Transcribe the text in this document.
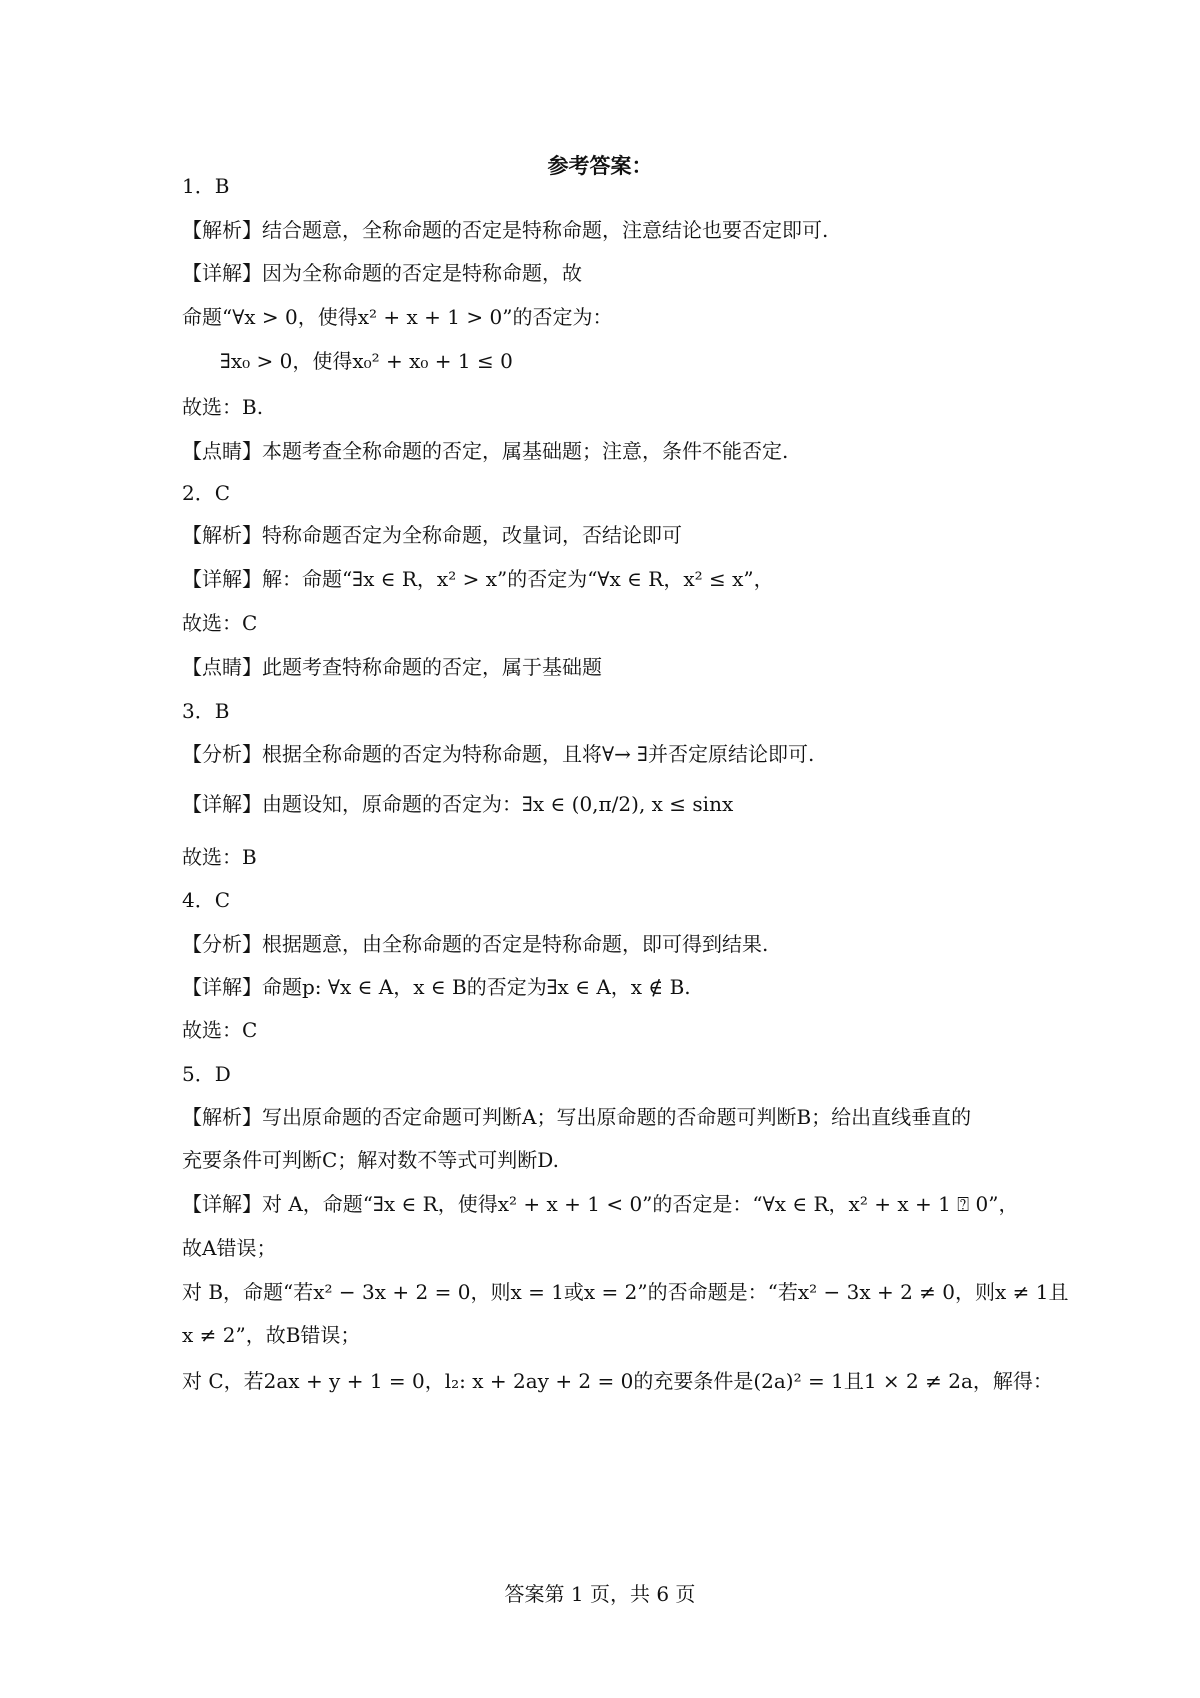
参考答案：
1．B
【解析】结合题意，全称命题的否定是特称命题，注意结论也要否定即可.
【详解】因为全称命题的否定是特称命题，故
命题“∀x > 0，使得x² + x + 1 > 0”的否定为：
∃x₀ > 0，使得x₀² + x₀ + 1 ≤ 0
故选：B.
【点睛】本题考查全称命题的否定，属基础题；注意，条件不能否定.
2．C
【解析】特称命题否定为全称命题，改量词，否结论即可
【详解】解：命题“∃x ∈ R，x² > x”的否定为“∀x ∈ R，x² ≤ x”，
故选：C
【点睛】此题考查特称命题的否定，属于基础题
3．B
【分析】根据全称命题的否定为特称命题，且将∀→ ∃并否定原结论即可.
【详解】由题设知，原命题的否定为：∃x ∈ (0,π/2), x ≤ sinx
故选：B
4．C
【分析】根据题意，由全称命题的否定是特称命题，即可得到结果.
【详解】命题p: ∀x ∈ A，x ∈ B的否定为∃x ∈ A，x ∉ B.
故选：C
5．D
【解析】写出原命题的否定命题可判断A；写出原命题的否命题可判断B；给出直线垂直的
充要条件可判断C；解对数不等式可判断D.
【详解】对 A，命题“∃x ∈ R，使得x² + x + 1 < 0”的否定是：“∀x ∈ R，x² + x + 1 ⍰ 0”，
故A错误；
对 B，命题“若x² − 3x + 2 = 0，则x = 1或x = 2”的否命题是：“若x² − 3x + 2 ≠ 0，则x ≠ 1且
x ≠ 2”，故B错误；
对 C，若2ax + y + 1 = 0，l₂: x + 2ay + 2 = 0的充要条件是(2a)² = 1且1 × 2 ≠ 2a，解得：
答案第 1 页，共 6 页
